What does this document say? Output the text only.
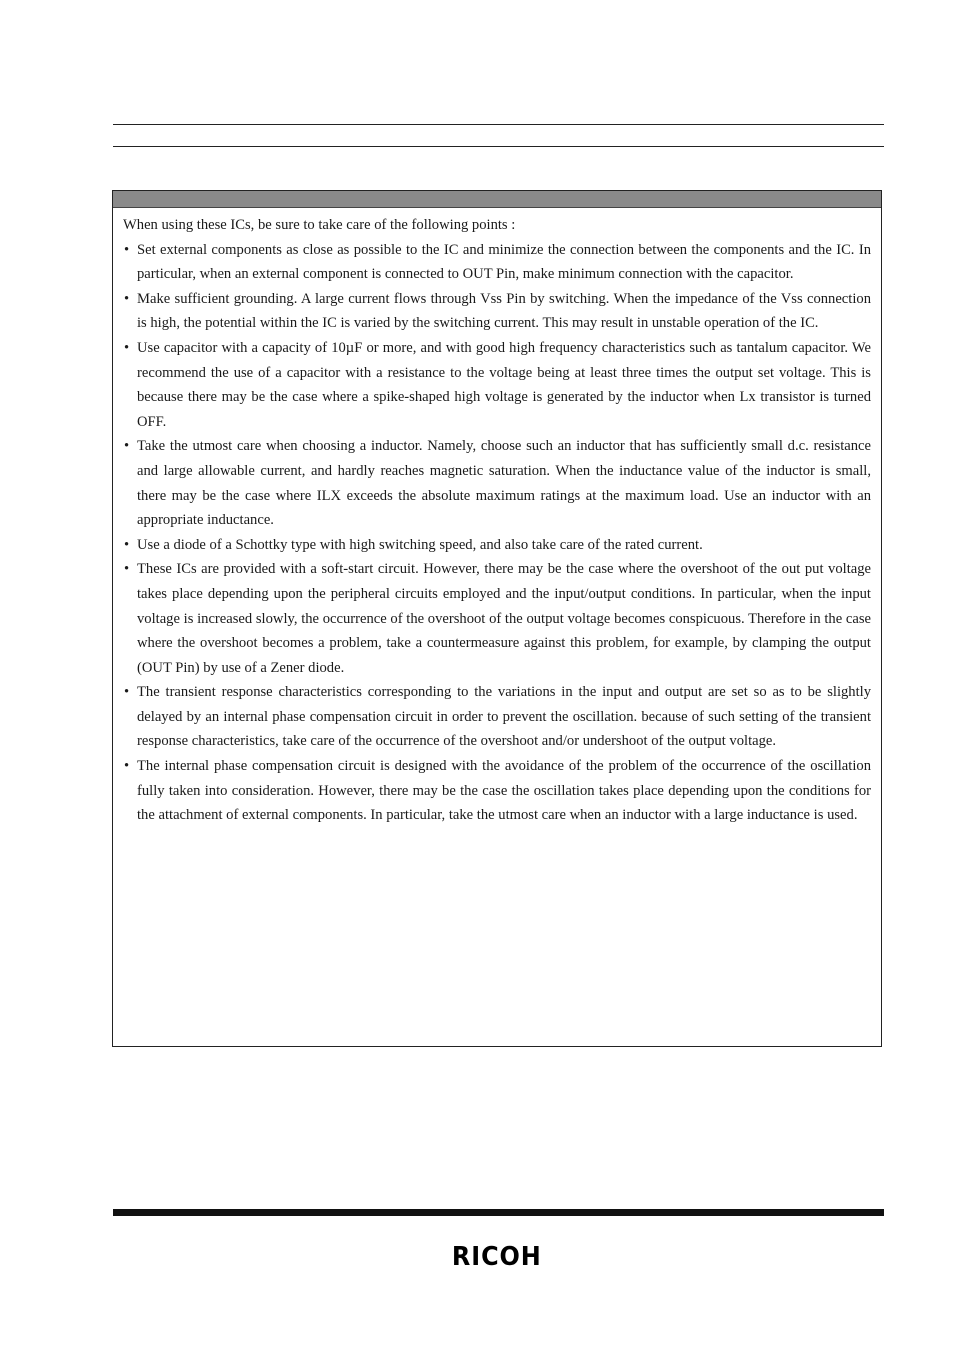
When using these ICs, be sure to take care of the following points :

• Set external components as close as possible to the IC and minimize the connection between the components and the IC. In particular, when an external component is connected to OUT Pin, make minimum connection with the capacitor.
• Make sufficient grounding. A large current flows through Vss Pin by switching. When the impedance of the Vss connection is high, the potential within the IC is varied by the switching current. This may result in unstable operation of the IC.
• Use capacitor with a capacity of 10µF or more, and with good high frequency characteristics such as tantalum capacitor. We recommend the use of a capacitor with a resistance to the voltage being at least three times the output set voltage. This is because there may be the case where a spike-shaped high voltage is generated by the inductor when Lx transistor is turned OFF.
• Take the utmost care when choosing a inductor. Namely, choose such an inductor that has sufficiently small d.c. resistance and large allowable current, and hardly reaches magnetic saturation. When the inductance value of the inductor is small, there may be the case where ILX exceeds the absolute maximum ratings at the maximum load. Use an inductor with an appropriate inductance.
• Use a diode of a Schottky type with high switching speed, and also take care of the rated current.
• These ICs are provided with a soft-start circuit. However, there may be the case where the overshoot of the out put voltage takes place depending upon the peripheral circuits employed and the input/output conditions. In particular, when the input voltage is increased slowly, the occurrence of the overshoot of the output voltage becomes conspicuous. Therefore in the case where the overshoot becomes a problem, take a countermeasure against this problem, for example, by clamping the output (OUT Pin) by use of a Zener diode.
• The transient response characteristics corresponding to the variations in the input and output are set so as to be slightly delayed by an internal phase compensation circuit in order to prevent the oscillation. because of such setting of the transient response characteristics, take care of the occurrence of the overshoot and/or undershoot of the output voltage.
• The internal phase compensation circuit is designed with the avoidance of the problem of the occurrence of the oscillation fully taken into consideration. However, there may be the case the oscillation takes place depending upon the conditions for the attachment of external components. In particular, take the utmost care when an inductor with a large inductance is used.
RICOH
